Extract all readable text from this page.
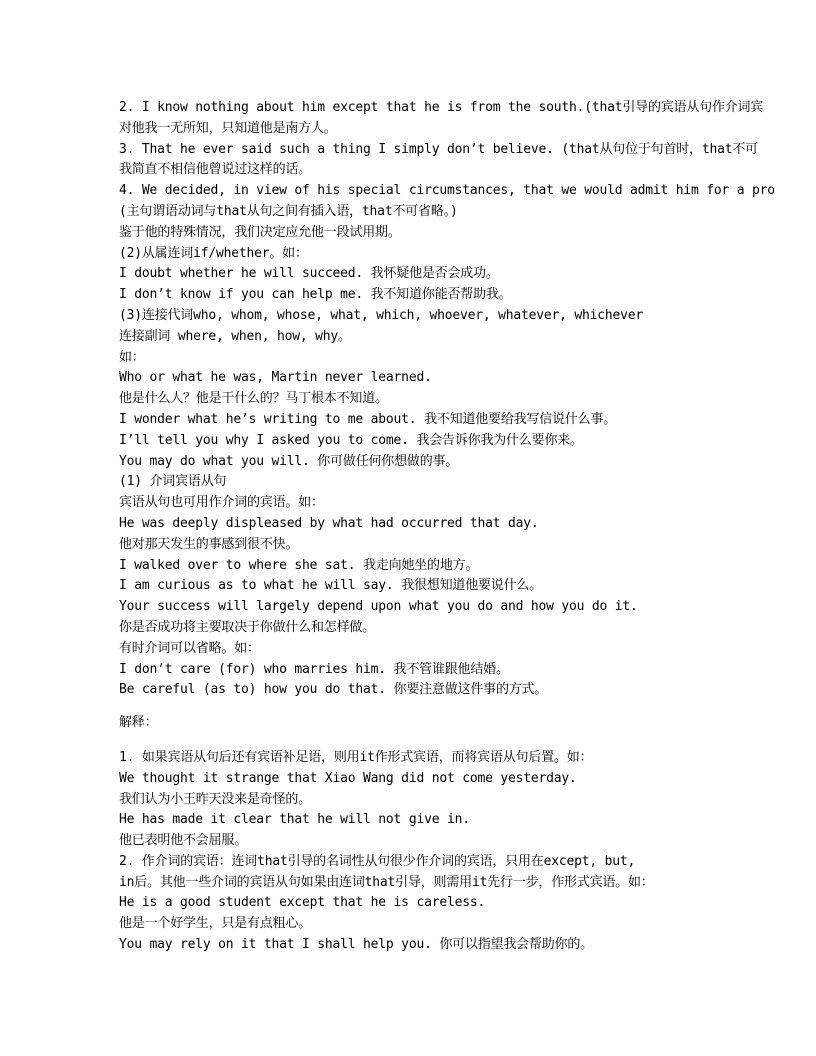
2. I know nothing about him except that he is from the south.(that引导的宾语从句作介词宾
对他我一无所知，只知道他是南方人。
3. That he ever said such a thing I simply don’t believe. (that从句位于句首时，that不可
我简直不相信他曾说过这样的话。
4. We decided, in view of his special circumstances, that we would admit him for a pro
(主句谓语动词与that从句之间有插入语，that不可省略。)
鉴于他的特殊情况，我们决定应允他一段试用期。
(2)从属连词if/whether。如：
I doubt whether he will succeed. 我怀疑他是否会成功。
I don’t know if you can help me. 我不知道你能否帮助我。
(3)连接代词who, whom, whose, what, which, whoever, whatever, whichever
连接副词 where, when, how, why。
如：
Who or what he was, Martin never learned.
他是什么人？他是干什么的？马丁根本不知道。
I wonder what he’s writing to me about. 我不知道他要给我写信说什么事。
I’ll tell you why I asked you to come. 我会告诉你我为什么要你来。
You may do what you will. 你可做任何你想做的事。
(1) 介词宾语从句
宾语从句也可用作介词的宾语。如：
He was deeply displeased by what had occurred that day.
他对那天发生的事感到很不快。
I walked over to where she sat. 我走向她坐的地方。
I am curious as to what he will say. 我很想知道他要说什么。
Your success will largely depend upon what you do and how you do it.
你是否成功将主要取决于你做什么和怎样做。
有时介词可以省略。如：
I don’t care (for) who marries him. 我不管谁跟他结婚。
Be careful (as to) how you do that. 你要注意做这件事的方式。
解释：
1. 如果宾语从句后还有宾语补足语，则用it作形式宾语，而将宾语从句后置。如：
We thought it strange that Xiao Wang did not come yesterday.
我们认为小王昨天没来是奇怪的。
He has made it clear that he will not give in.
他已表明他不会屈服。
2. 作介词的宾语：连词that引导的名词性从句很少作介词的宾语，只用在except, but,
in后。其他一些介词的宾语从句如果由连词that引导，则需用it先行一步，作形式宾语。如：
He is a good student except that he is careless.
他是一个好学生，只是有点粗心。
You may rely on it that I shall help you. 你可以指望我会帮助你的。
